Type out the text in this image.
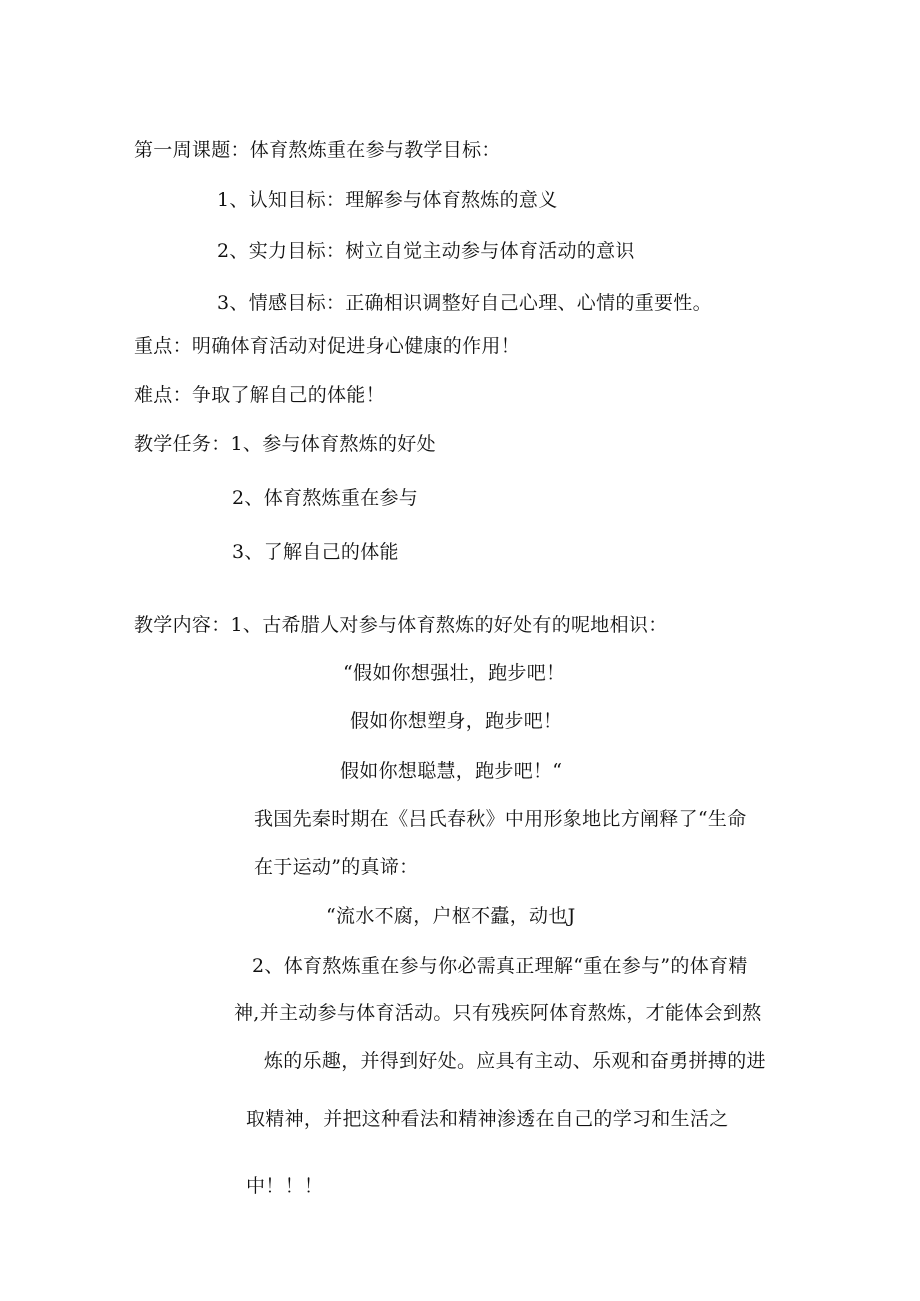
第一周课题：体育熬炼重在参与教学目标：
1、认知目标：理解参与体育熬炼的意义
2、实力目标：树立自觉主动参与体育活动的意识
3、情感目标：正确相识调整好自己心理、心情的重要性。
重点：明确体育活动对促进身心健康的作用！
难点：争取了解自己的体能！
教学任务：1、参与体育熬炼的好处
2、体育熬炼重在参与
3、了解自己的体能
教学内容：1、古希腊人对参与体育熬炼的好处有的呢地相识：
“假如你想强壮，跑步吧！
假如你想塑身，跑步吧！
假如你想聪慧，跑步吧！“
我国先秦时期在《吕氏春秋》中用形象地比方阐释了“生命
在于运动”的真谛：
“流水不腐，户枢不蠹，动也J
2、体育熬炼重在参与你必需真正理解“重在参与”的体育精
神,并主动参与体育活动。只有残疾阿体育熬炼，才能体会到熬
炼的乐趣，并得到好处。应具有主动、乐观和奋勇拼搏的进
取精神，并把这种看法和精神渗透在自己的学习和生活之
中！！！
